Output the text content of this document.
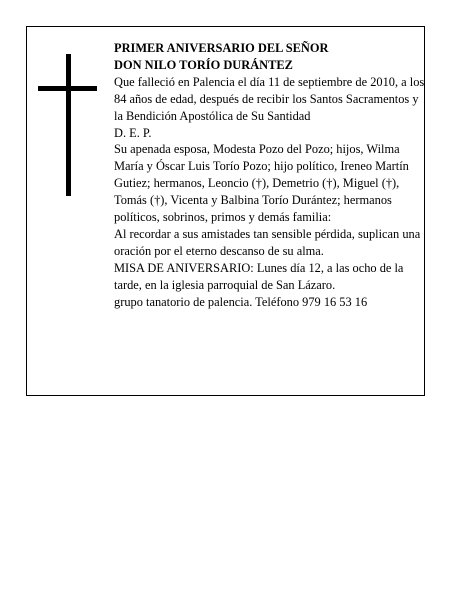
PRIMER ANIVERSARIO DEL SEÑOR

DON NILO TORÍO DURÁNTEZ

Que falleció en Palencia el día 11 de septiembre de 2010, a los 84 años de edad, después de recibir los Santos Sacramentos y la Bendición Apostólica de Su Santidad

D. E. P.

Su apenada esposa, Modesta Pozo del Pozo; hijos, Wilma María y Óscar Luis Torío Pozo; hijo político, Ireneo Martín Gutiez; hermanos, Leoncio (†), Demetrio (†), Miguel (†), Tomás (†), Vicenta y Balbina Torío Duránte​z; hermanos políticos, sobrinos, primos y demás familia:

Al recordar a sus amistades tan sensible pérdida, suplican una oración por el eterno descanso de su alma.

MISA DE ANIVERSARIO: Lunes día 12, a las ocho de la tarde, en la iglesia parroquial de San Lázaro.

grupo tanatorio de palencia. Teléfono 979 16 53 16
